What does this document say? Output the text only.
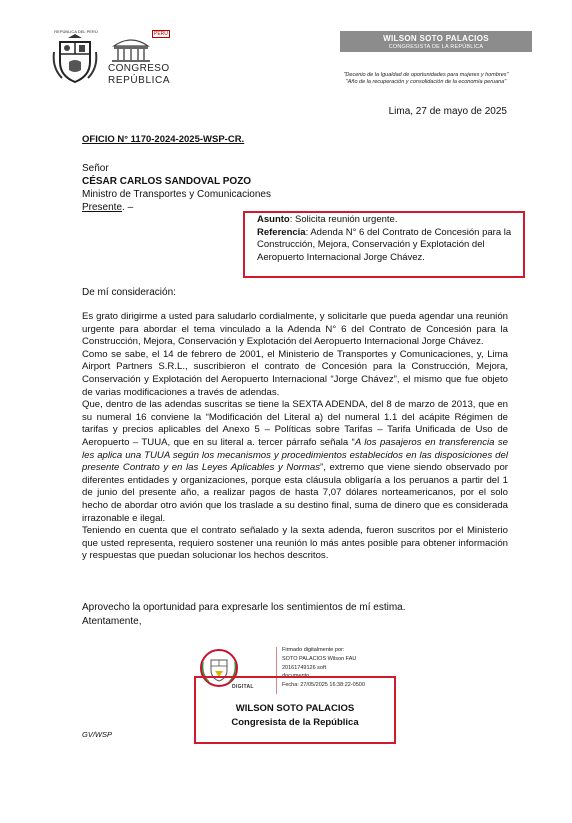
REPÚBLICA DEL PERÚ	PERÚ
CONGRESO
REPÚBLICA
WILSON SOTO PALACIOS
CONGRESISTA DE LA REPÚBLICA
"Decenio de la Igualdad de oportunidades para mujeres y hombres"
"Año de la recuperación y consolidación de la economía peruana"
Lima, 27 de mayo de 2025
OFICIO N° 1170-2024-2025-WSP-CR.
Señor
CÉSAR CARLOS SANDOVAL POZO
Ministro de Transportes y Comunicaciones
Presente. –
Asunto: Solicita reunión urgente.
Referencia: Adenda N° 6 del Contrato de Concesión para la Construcción, Mejora, Conservación y Explotación del Aeropuerto Internacional Jorge Chávez.
De mí consideración:

Es grato dirigirme a usted para saludarlo cordialmente, y solicitarle que pueda agendar una reunión urgente para abordar el tema vinculado a la Adenda N° 6 del Contrato de Concesión para la Construcción, Mejora, Conservación y Explotación del Aeropuerto Internacional Jorge Chávez.

Como se sabe, el 14 de febrero de 2001, el Ministerio de Transportes y Comunicaciones, y, Lima Airport Partners S.R.L., suscribieron el contrato de Concesión para la Construcción, Mejora, Conservación y Explotación del Aeropuerto Internacional “Jorge Chávez”, el mismo que fue objeto de varias modificaciones a través de adendas.

Que, dentro de las adendas suscritas se tiene la SEXTA ADENDA, del 8 de marzo de 2013, que en su numeral 16 conviene la “Modificación del Literal a) del numeral 1.1 del acápite Régimen de tarifas y precios aplicables del Anexo 5 – Políticas sobre Tarifas – Tarifa Unificada de Uso de Aeropuerto – TUUA, que en su literal a. tercer párrafo señala “A los pasajeros en transferencia se les aplica una TUUA según los mecanismos y procedimientos establecidos en las disposiciones del presente Contrato y en las Leyes Aplicables y Normas”, extremo que viene siendo observado por diferentes entidades y organizaciones, porque esta cláusula obligaría a los peruanos a partir del 1 de junio del presente año, a realizar pagos de hasta 7,07 dólares norteamericanos, por el solo hecho de abordar otro avión que los traslade a su destino final, suma de dinero que es considerada irrazonable e ilegal.

Teniendo en cuenta que el contrato señalado y la sexta adenda, fueron suscritos por el Ministerio que usted representa, requiero sostener una reunión lo más antes posible para obtener información y respuestas que puedan solucionar los hechos descritos.

Aprovecho la oportunidad para expresarle los sentimientos de mí estima.
Atentamente,
DIGITAL
Firmado digitalmente por:
SOTO PALACIOS Wilson FAU
20161749126 soft
documento
Fecha: 27/05/2025 16:38:22-0500
WILSON SOTO PALACIOS
Congresista de la República
GV/WSP
